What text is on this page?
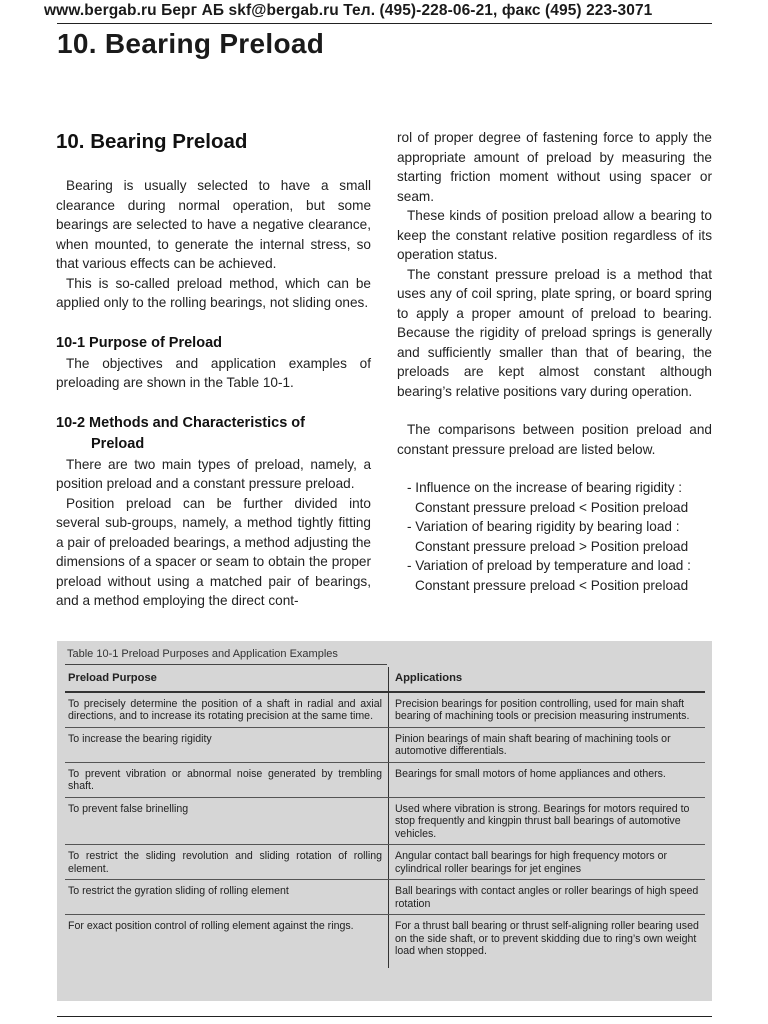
www.bergab.ru Берг АБ skf@bergab.ru Тел. (495)-228-06-21, факс (495) 223-3071
10. Bearing Preload
10. Bearing Preload

Bearing is usually selected to have a small clearance during normal operation, but some bearings are selected to have a negative clearance, when mounted, to generate the internal stress, so that various effects can be achieved.

This is so-called preload method, which can be applied only to the rolling bearings, not sliding ones.

10-1 Purpose of Preload

The objectives and application examples of preloading are shown in the Table 10-1.

10-2 Methods and Characteristics of
Preload

There are two main types of preload, namely, a position preload and a constant pressure preload.

Position preload can be further divided into several sub-groups, namely, a method tightly fitting a pair of preloaded bearings, a method adjusting the dimensions of a spacer or seam to obtain the proper preload without using a matched pair of bearings, and a method employing the direct cont-

rol of proper degree of fastening force to apply the appropriate amount of preload by measuring the starting friction moment without using spacer or seam.

These kinds of position preload allow a bearing to keep the constant relative position regardless of its operation status.

The constant pressure preload is a method that uses any of coil spring, plate spring, or board spring to apply a proper amount of preload to bearing. Because the rigidity of preload springs is generally and sufficiently smaller than that of bearing, the preloads are kept almost constant although bearing’s relative positions vary during operation.

The comparisons between position preload and constant pressure preload are listed below.

- Influence on the increase of bearing rigidity :
Constant pressure preload < Position preload
- Variation of bearing rigidity by bearing load :
Constant pressure preload > Position preload
- Variation of preload by temperature and load :
Constant pressure preload < Position preload
Table 10-1 Preload Purposes and Application Examples
Preload Purpose	Applications
To precisely determine the position of a shaft in radial and axial directions, and to increase its rotating precision at the same time.	Precision bearings for position controlling, used for main shaft bearing of machining tools or precision measuring instruments.
To increase the bearing rigidity	Pinion bearings of main shaft bearing of machining tools or automotive differentials.
To prevent vibration or abnormal noise generated by trembling shaft.	Bearings for small motors of home appliances and others.
To prevent false brinelling	Used where vibration is strong. Bearings for motors required to stop frequently and kingpin thrust ball bearings of automotive vehicles.
To restrict the sliding revolution and sliding rotation of rolling element.	Angular contact ball bearings for high frequency motors or cylindrical roller bearings for jet engines
To restrict the gyration sliding of rolling element	Ball bearings with contact angles or roller bearings of high speed rotation
For exact position control of rolling element against the rings.	For a thrust ball bearing or thrust self-aligning roller bearing used on the side shaft, or to prevent skidding due to ring’s own weight load when stopped.
